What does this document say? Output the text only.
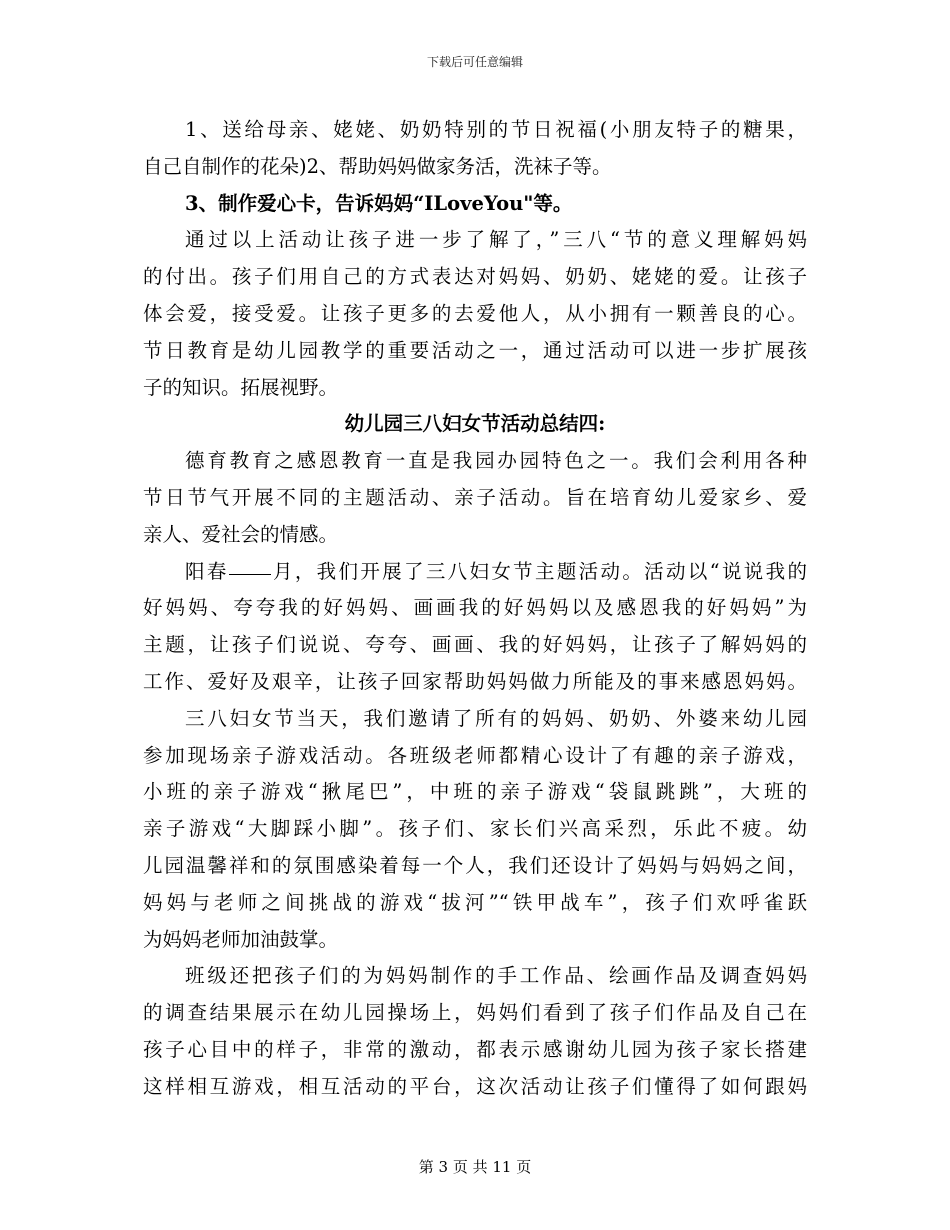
下载后可任意编辑
1、送给母亲、姥姥、奶奶特别的节日祝福(小朋友特子的糖果，
自己自制作的花朵)2、帮助妈妈做家务活，洗袜子等。
3、制作爱心卡，告诉妈妈“ILoveYou"等。
通过以上活动让孩子进一步了解了，”三八“节的意义理解妈妈
的付出。孩子们用自己的方式表达对妈妈、奶奶、姥姥的爱。让孩子
体会爱，接受爱。让孩子更多的去爱他人，从小拥有一颗善良的心。
节日教育是幼儿园教学的重要活动之一，通过活动可以进一步扩展孩
子的知识。拓展视野。
幼儿园三八妇女节活动总结四:
德育教育之感恩教育一直是我园办园特色之一。我们会利用各种
节日节气开展不同的主题活动、亲子活动。旨在培育幼儿爱家乡、爱
亲人、爱社会的情感。
阳春 月，我们开展了三八妇女节主题活动。活动以“说说我的
好妈妈、夸夸我的好妈妈、画画我的好妈妈以及感恩我的好妈妈”为
主题，让孩子们说说、夸夸、画画、我的好妈妈，让孩子了解妈妈的
工作、爱好及艰辛，让孩子回家帮助妈妈做力所能及的事来感恩妈妈。
三八妇女节当天，我们邀请了所有的妈妈、奶奶、外婆来幼儿园
参加现场亲子游戏活动。各班级老师都精心设计了有趣的亲子游戏，
小班的亲子游戏“揪尾巴”，中班的亲子游戏“袋鼠跳跳”，大班的
亲子游戏“大脚踩小脚”。孩子们、家长们兴高采烈，乐此不疲。幼
儿园温馨祥和的氛围感染着每一个人，我们还设计了妈妈与妈妈之间，
妈妈与老师之间挑战的游戏“拔河”“铁甲战车”，孩子们欢呼雀跃
为妈妈老师加油鼓掌。
班级还把孩子们的为妈妈制作的手工作品、绘画作品及调查妈妈
的调查结果展示在幼儿园操场上，妈妈们看到了孩子们作品及自己在
孩子心目中的样子，非常的激动，都表示感谢幼儿园为孩子家长搭建
这样相互游戏，相互活动的平台，这次活动让孩子们懂得了如何跟妈
第 3 页 共 11 页
